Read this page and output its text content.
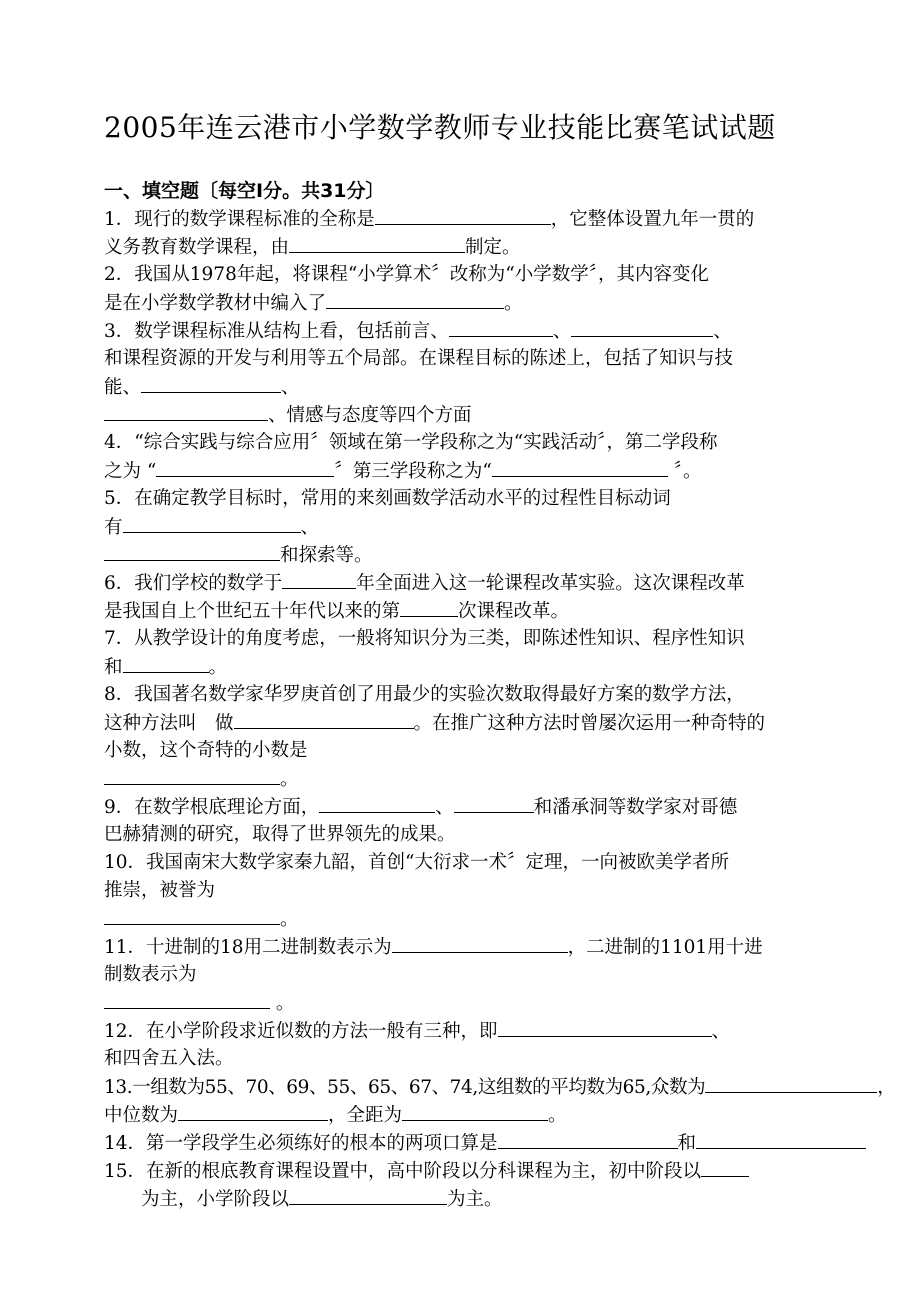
2005年连云港市小学数学教师专业技能比赛笔试试题
一、填空题〔每空Ⅰ分。共31分〕
1．现行的数学课程标准的全称是	，它整体设置九年一贯的
义务教育数学课程，由	制定。
2．我国从1978年起，将课程“小学算术〞改称为“小学数学〞，其内容变化
是在小学数学教材中编入了	。
3．数学课程标准从结构上看，包括前言、	、	、
和课程资源的开发与利用等五个局部。在课程目标的陈述上，包括了知识与技
能、	、
、情感与态度等四个方面
4．“综合实践与综合应用〞领域在第一学段称之为“实践活动〞，第二学段称
之为 “	〞第三学段称之为“	〞。
5．在确定教学目标时，常用的来刻画数学活动水平的过程性目标动词
有	、
和探索等。
6．我们学校的数学于	年全面进入这一轮课程改革实验。这次课程改革
是我国自上个世纪五十年代以来的第	次课程改革。
7．从教学设计的角度考虑，一般将知识分为三类，即陈述性知识、程序性知识
和	。
8．我国著名数学家华罗庚首创了用最少的实验次数取得最好方案的数学方法，
这种方法叫　做	。在推广这种方法时曾屡次运用一种奇特的
小数，这个奇特的小数是
。
9．在数学根底理论方面，	、	和潘承洞等数学家对哥德
巴赫猜测的研究，取得了世界领先的成果。
10．我国南宋大数学家秦九韶，首创“大衍求一术〞定理，一向被欧美学者所
推崇，被誉为
。
11．十进制的18用二进制数表示为	，二进制的1101用十进
制数表示为
。
12．在小学阶段求近似数的方法一般有三种，即	、
和四舍五入法。
13.一组数为55、70、69、55、65、67、74,这组数的平均数为65,众数为	，
中位数为	，全距为	。
14．第一学段学生必须练好的根本的两项口算是	和
15．在新的根底教育课程设置中，高中阶段以分科课程为主，初中阶段以
　　为主，小学阶段以	为主。
